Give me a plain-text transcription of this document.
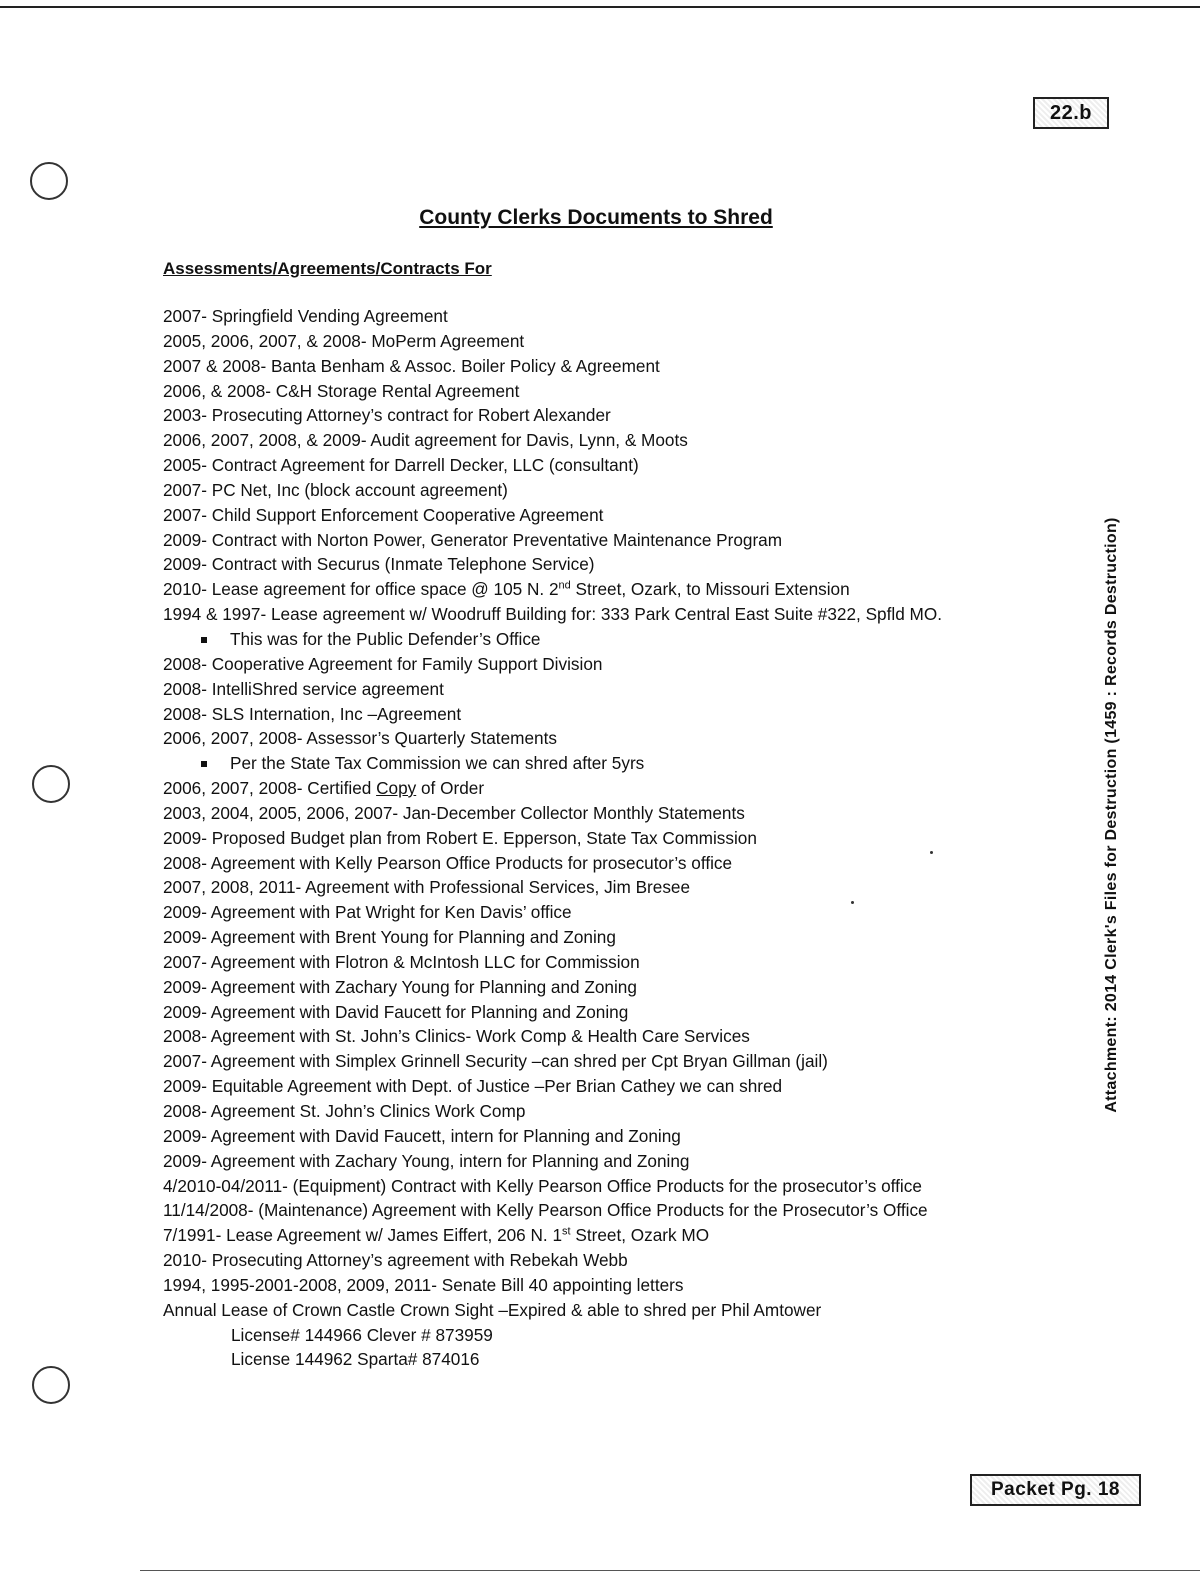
22.b
County Clerks Documents to Shred
Assessments/Agreements/Contracts For
2007- Springfield Vending Agreement
2005, 2006, 2007, & 2008- MoPerm Agreement
2007 & 2008- Banta Benham & Assoc. Boiler Policy & Agreement
2006, & 2008- C&H Storage Rental Agreement
2003- Prosecuting Attorney’s contract for Robert Alexander
2006, 2007, 2008, & 2009- Audit agreement for Davis, Lynn, & Moots
2005- Contract Agreement for Darrell Decker, LLC (consultant)
2007- PC Net, Inc (block account agreement)
2007- Child Support Enforcement Cooperative Agreement
2009- Contract with Norton Power, Generator Preventative Maintenance Program
2009- Contract with Securus (Inmate Telephone Service)
2010- Lease agreement for office space @ 105 N. 2nd Street, Ozark, to Missouri Extension
1994 & 1997- Lease agreement w/ Woodruff Building for: 333 Park Central East Suite #322, Spfld MO.
This was for the Public Defender’s Office
2008- Cooperative Agreement for Family Support Division
2008- IntelliShred service agreement
2008- SLS Internation, Inc –Agreement
2006, 2007, 2008- Assessor’s Quarterly Statements
Per the State Tax Commission we can shred after 5yrs
2006, 2007, 2008- Certified Copy of Order
2003, 2004, 2005, 2006, 2007- Jan-December Collector Monthly Statements
2009- Proposed Budget plan from Robert E. Epperson, State Tax Commission
2008- Agreement with Kelly Pearson Office Products for prosecutor’s office
2007, 2008, 2011- Agreement with Professional Services, Jim Bresee
2009- Agreement with Pat Wright for Ken Davis’ office
2009- Agreement with Brent Young for Planning and Zoning
2007- Agreement with Flotron & McIntosh LLC for Commission
2009- Agreement with Zachary Young for Planning and Zoning
2009- Agreement with David Faucett for Planning and Zoning
2008- Agreement with St. John’s Clinics- Work Comp & Health Care Services
2007- Agreement with Simplex Grinnell Security –can shred per Cpt Bryan Gillman (jail)
2009- Equitable Agreement with Dept. of Justice –Per Brian Cathey we can shred
2008- Agreement St. John’s Clinics Work Comp
2009- Agreement with David Faucett, intern for Planning and Zoning
2009- Agreement with Zachary Young, intern for Planning and Zoning
4/2010-04/2011- (Equipment) Contract with Kelly Pearson Office Products for the prosecutor’s office
11/14/2008- (Maintenance) Agreement with Kelly Pearson Office Products for the Prosecutor’s Office
7/1991- Lease Agreement w/ James Eiffert, 206 N. 1st Street, Ozark MO
2010- Prosecuting Attorney’s agreement with Rebekah Webb
1994, 1995-2001-2008, 2009, 2011- Senate Bill 40 appointing letters
Annual Lease of Crown Castle Crown Sight –Expired & able to shred per Phil Amtower
License# 144966 Clever # 873959
License 144962 Sparta# 874016
Attachment: 2014 Clerk's Files for Destruction (1459 : Records Destruction)
Packet Pg. 18
